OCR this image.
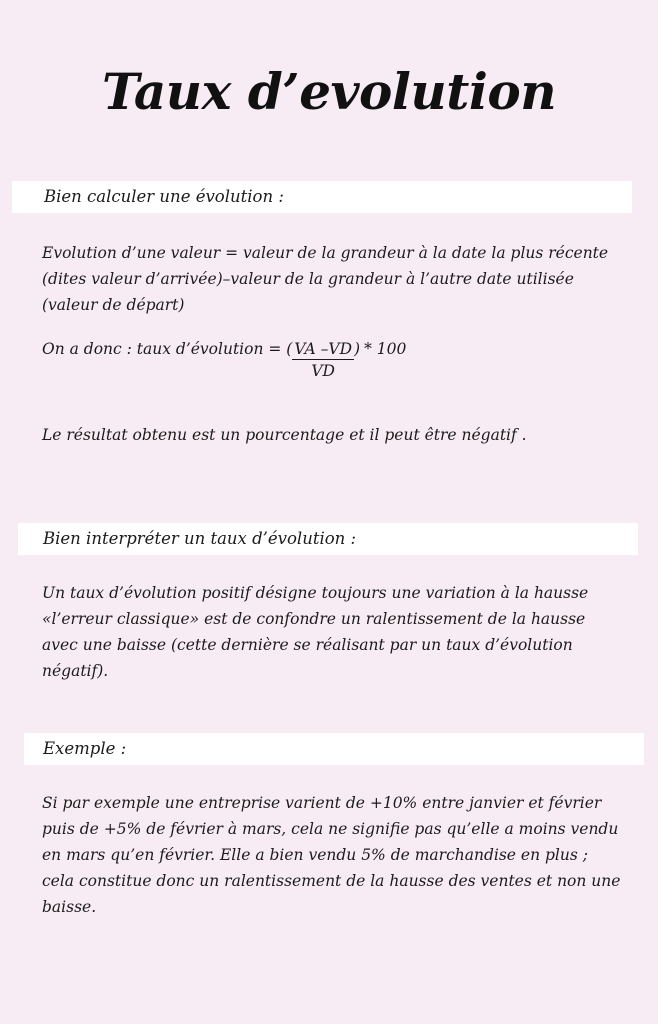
Taux d’evolution
Bien calculer une évolution :
Evolution d’une valeur = valeur de la grandeur à la date la plus récente (dites valeur d’arrivée)–valeur de la grandeur à l’autre date utilisée (valeur de départ)
On a donc : taux d’évolution = ( $\frac{VA -VD}{VD}$ ) * 100
Le résultat obtenu est un pourcentage et il peut être négatif .
Bien interpréter un taux d’évolution :
Un taux d’évolution positif désigne toujours une variation à la hausse «l’erreur classique» est de confondre un ralentissement de la hausse avec une baisse (cette dernière se réalisant par un taux d’évolution négatif).
Exemple :
Si par exemple une entreprise varient de +10% entre janvier et février puis de +5% de février à mars, cela ne signifie pas qu’elle a moins vendu en mars qu’en février. Elle a bien vendu 5% de marchandise en plus ; cela constitue donc un ralentissement de la hausse des ventes et non une baisse.
